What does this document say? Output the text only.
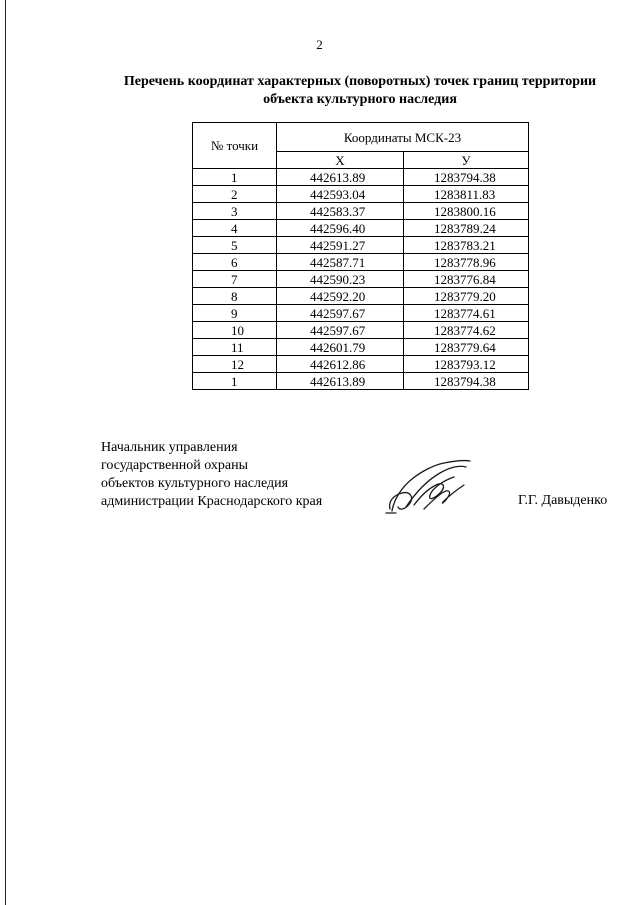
2
Перечень координат характерных (поворотных) точек границ территории
объекта культурного наследия
№ точки	Координаты МСК-23	
	X	У
1	442613.89	1283794.38
2	442593.04	1283811.83
3	442583.37	1283800.16
4	442596.40	1283789.24
5	442591.27	1283783.21
6	442587.71	1283778.96
7	442590.23	1283776.84
8	442592.20	1283779.20
9	442597.67	1283774.61
10	442597.67	1283774.62
11	442601.79	1283779.64
12	442612.86	1283793.12
1	442613.89	1283794.38
Начальник управления
государственной охраны
объектов культурного наследия
администрации Краснодарского края	Г.Г. Давыденко
